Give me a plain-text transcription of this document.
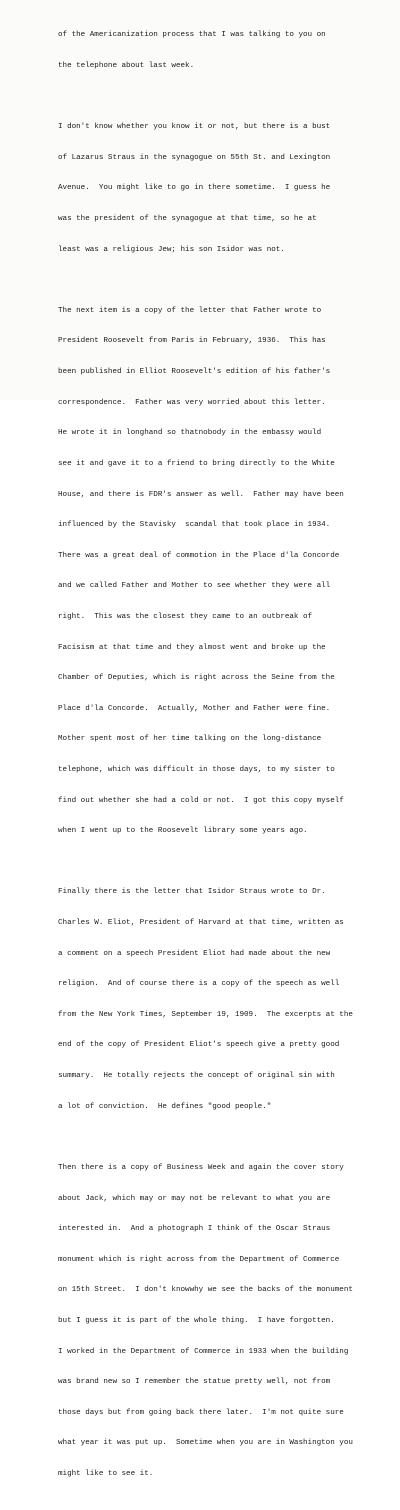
of the Americanization process that I was talking to you on

the telephone about last week.

I don't know whether you know it or not, but there is a bust

of Lazarus Straus in the synagogue on 55th St. and Lexington

Avenue.  You might like to go in there sometime.  I guess he

was the president of the synagogue at that time, so he at

least was a religious Jew; his son Isidor was not.

The next item is a copy of the letter that Father wrote to

President Roosevelt from Paris in February, 1936.  This has

been published in Elliot Roosevelt's edition of his father's

correspondence.  Father was very worried about this letter.

He wrote it in longhand so thatnobody in the embassy would

see it and gave it to a friend to bring directly to the White

House, and there is FDR's answer as well.  Father may have been

influenced by the Stavisky  scandal that took place in 1934.

There was a great deal of commotion in the Place d'la Concorde

and we called Father and Mother to see whether they were all

right.  This was the closest they came to an outbreak of

Facisism at that time and they almost went and broke up the

Chamber of Deputies, which is right across the Seine from the

Place d'la Concorde.  Actually, Mother and Father were fine.

Mother spent most of her time talking on the long-distance

telephone, which was difficult in those days, to my sister to

find out whether she had a cold or not.  I got this copy myself

when I went up to the Roosevelt library some years ago.

Finally there is the letter that Isidor Straus wrote to Dr.

Charles W. Eliot, President of Harvard at that time, written as

a comment on a speech President Eliot had made about the new

religion.  And of course there is a copy of the speech as well

from the New York Times, September 19, 1909.  The excerpts at the

end of the copy of President Eliot's speech give a pretty good

summary.  He totally rejects the concept of original sin with

a lot of conviction.  He defines "good people."

Then there is a copy of Business Week and again the cover story

about Jack, which may or may not be relevant to what you are

interested in.  And a photograph I think of the Oscar Straus

monument which is right across from the Department of Commerce

on 15th Street.  I don't knowwhy we see the backs of the monument

but I guess it is part of the whole thing.  I have forgotten.

I worked in the Department of Commerce in 1933 when the building

was brand new so I remember the statue pretty well, not from

those days but from going back there later.  I'm not quite sure

what year it was put up.  Sometime when you are in Washington you

might like to see it.
